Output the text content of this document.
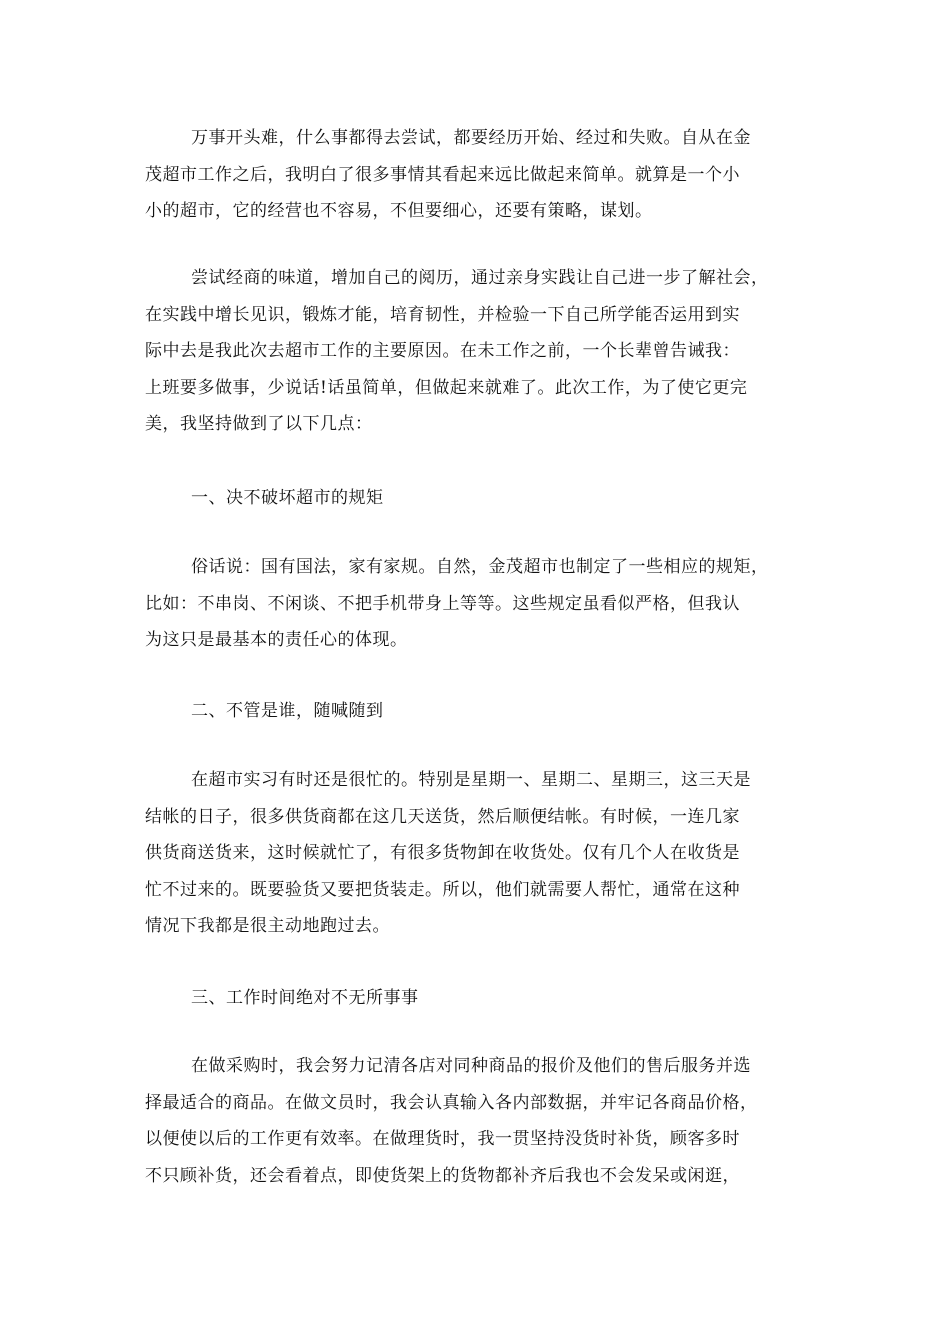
万事开头难，什么事都得去尝试，都要经历开始、经过和失败。自从在金
茂超市工作之后，我明白了很多事情其看起来远比做起来简单。就算是一个小
小的超市，它的经营也不容易，不但要细心，还要有策略，谋划。
尝试经商的味道，增加自己的阅历，通过亲身实践让自己进一步了解社会，
在实践中增长见识，锻炼才能，培育韧性，并检验一下自己所学能否运用到实
际中去是我此次去超市工作的主要原因。在未工作之前，一个长辈曾告诫我：
上班要多做事，少说话!话虽简单，但做起来就难了。此次工作，为了使它更完
美，我坚持做到了以下几点：
一、决不破坏超市的规矩
俗话说：国有国法，家有家规。自然，金茂超市也制定了一些相应的规矩，
比如：不串岗、不闲谈、不把手机带身上等等。这些规定虽看似严格，但我认
为这只是最基本的责任心的体现。
二、不管是谁，随喊随到
在超市实习有时还是很忙的。特别是星期一、星期二、星期三，这三天是
结帐的日子，很多供货商都在这几天送货，然后顺便结帐。有时候，一连几家
供货商送货来，这时候就忙了，有很多货物卸在收货处。仅有几个人在收货是
忙不过来的。既要验货又要把货装走。所以，他们就需要人帮忙，通常在这种
情况下我都是很主动地跑过去。
三、工作时间绝对不无所事事
在做采购时，我会努力记清各店对同种商品的报价及他们的售后服务并选
择最适合的商品。在做文员时，我会认真输入各内部数据，并牢记各商品价格，
以便使以后的工作更有效率。在做理货时，我一贯坚持没货时补货，顾客多时
不只顾补货，还会看着点，即使货架上的货物都补齐后我也不会发呆或闲逛，
